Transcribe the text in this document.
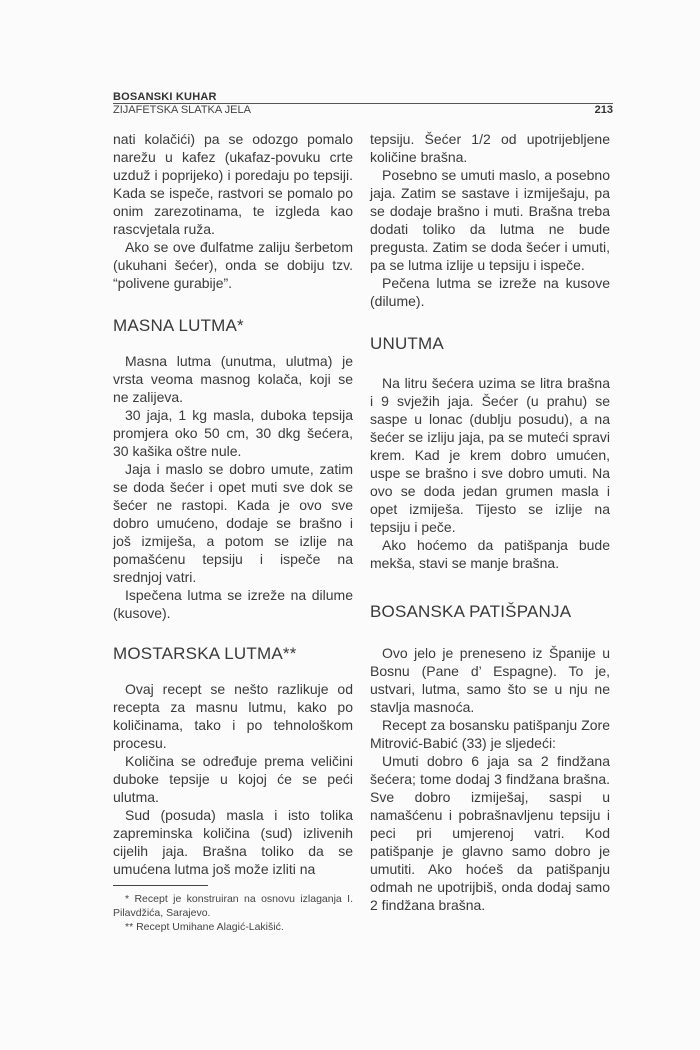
BOSANSKI KUHAR
ZIJAFETSKA SLATKA JELA	213

nati kolačići) pa se odozgo pomalo narežu u kafez (ukafaz-povuku crte uzduž i poprijeko) i poredaju po tepsiji. Kada se ispeče, rastvori se pomalo po onim zarezotinama, te izgleda kao rascvjetala ruža.

Ako se ove đulfatme zaliju šerbetom (ukuhani šećer), onda se dobiju tzv. “polivene gurabije”.

MASNA LUTMA*

Masna lutma (unutma, ulutma) je vrsta veoma masnog kolača, koji se ne zalijeva.

30 jaja, 1 kg masla, duboka tepsija promjera oko 50 cm, 30 dkg šećera, 30 kašika oštre nule.

Jaja i maslo se dobro umute, zatim se doda šećer i opet muti sve dok se šećer ne rastopi. Kada je ovo sve dobro umućeno, dodaje se brašno i još izmiješa, a potom se izlije na pomašćenu tepsiju i ispeče na srednjoj vatri.

Ispečena lutma se izreže na dilume (kusove).

MOSTARSKA LUTMA**

Ovaj recept se nešto razlikuje od recepta za masnu lutmu, kako po količinama, tako i po tehnološkom procesu.

Količina se određuje prema veličini duboke tepsije u kojoj će se peći ulutma.

Sud (posuda) masla i isto tolika zapreminska količina (sud) izlivenih cijelih jaja. Brašna toliko da se umućena lutma još može izliti na

* Recept je konstruiran na osnovu izlaganja I. Pilavdžića, Sarajevo.

** Recept Umihane Alagić-Lakišić.

tepsiju. Šećer 1/2 od upotrijebljene količine brašna.

Posebno se umuti maslo, a posebno jaja. Zatim se sastave i izmiješaju, pa se dodaje brašno i muti. Brašna treba dodati toliko da lutma ne bude pregusta. Zatim se doda šećer i umuti, pa se lutma izlije u tepsiju i ispeče.

Pečena lutma se izreže na kusove (dilume).

UNUTMA

Na litru šećera uzima se litra brašna i 9 svježih jaja. Šećer (u prahu) se saspe u lonac (dublju posudu), a na šećer se izliju jaja, pa se muteći spravi krem. Kad je krem dobro umućen, uspe se brašno i sve dobro umuti. Na ovo se doda jedan grumen masla i opet izmiješa. Tijesto se izlije na tepsiju i peče.

Ako hoćemo da patišpanja bude mekša, stavi se manje brašna.

BOSANSKA PATIŠPANJA

Ovo jelo je preneseno iz Španije u Bosnu (Pane d’ Espagne). To je, ustvari, lutma, samo što se u nju ne stavlja masnoća.

Recept za bosansku patišpanju Zore Mitrović-Babić (33) je sljedeći:

Umuti dobro 6 jaja sa 2 findžana šećera; tome dodaj 3 findžana brašna. Sve dobro izmiješaj, saspi u namašćenu i pobrašnavljenu tepsiju i peci pri umjerenoj vatri. Kod patišpanje je glavno samo dobro je umutiti. Ako hoćeš da patišpanju odmah ne upotrijbiš, onda dodaj samo 2 findžana brašna.
